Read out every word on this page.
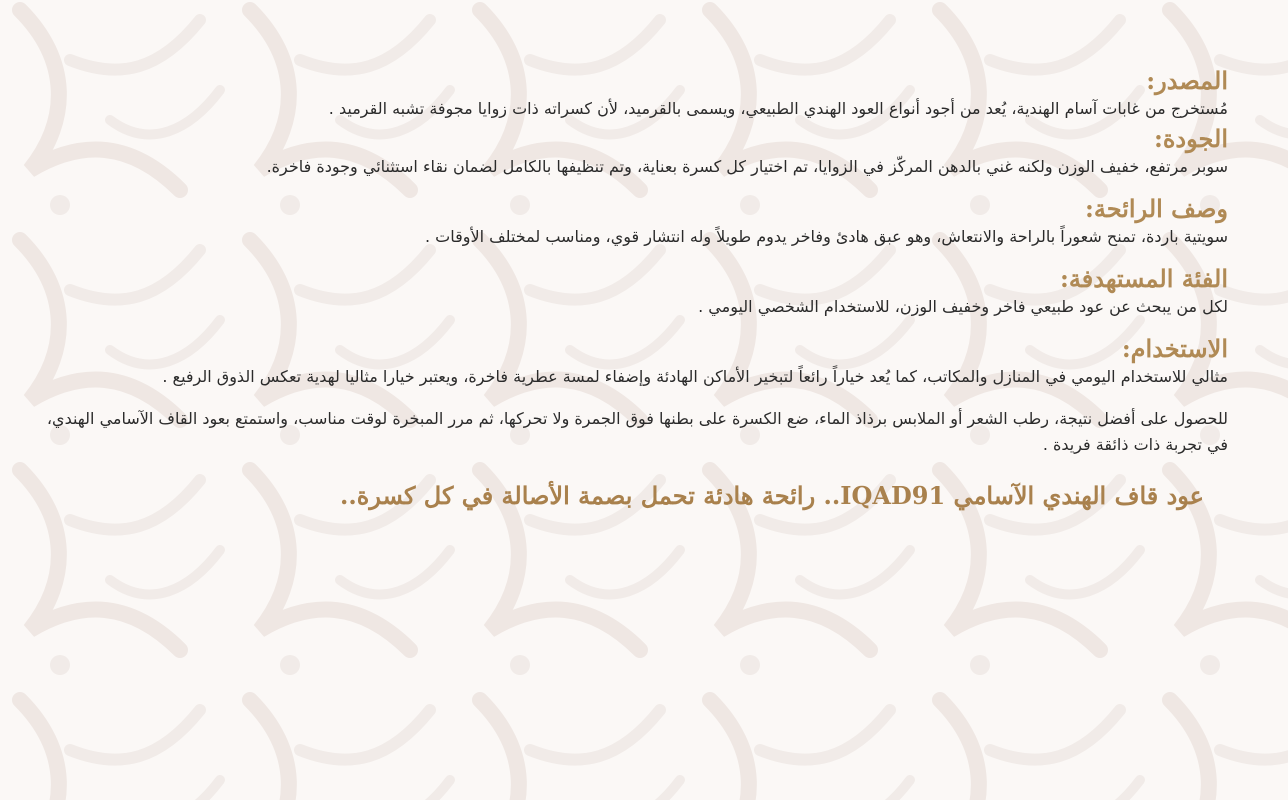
المصدر:
مُستخرج من غابات آسام الهندية، يُعد من أجود أنواع العود الهندي الطبيعي، ويسمى بالقرميد، لأن كسراته ذات زوايا مجوفة تشبه القرميد .
الجودة:
سوبر مرتفع، خفيف الوزن ولكنه غني بالدهن المركّز في الزوايا، تم اختيار كل كسرة بعناية، وتم تنظيفها بالكامل لضمان نقاء استثنائي وجودة فاخرة.
وصف الرائحة:
سويتية باردة، تمنح شعوراً بالراحة والانتعاش، وهو عبق هادئ وفاخر يدوم طويلاً وله انتشار قوي، ومناسب لمختلف الأوقات .
الفئة المستهدفة:
لكل من يبحث عن عود طبيعي فاخر وخفيف الوزن، للاستخدام الشخصي اليومي .
الاستخدام:
مثالي للاستخدام اليومي في المنازل والمكاتب، كما يُعد خياراً رائعاً لتبخير الأماكن الهادئة وإضفاء لمسة عطرية فاخرة، ويعتبر خيارا مثاليا لهدية تعكس الذوق الرفيع .
للحصول على أفضل نتيجة، رطب الشعر أو الملابس برذاذ الماء، ضع الكسرة على بطنها فوق الجمرة ولا تحركها، ثم مرر المبخرة لوقت مناسب، واستمتع بعود القاف الآسامي الهندي، في تجربة ذات ذائقة فريدة .
عود قاف الهندي الآسامي IQAD91.. رائحة هادئة تحمل بصمة الأصالة في كل كسرة..
